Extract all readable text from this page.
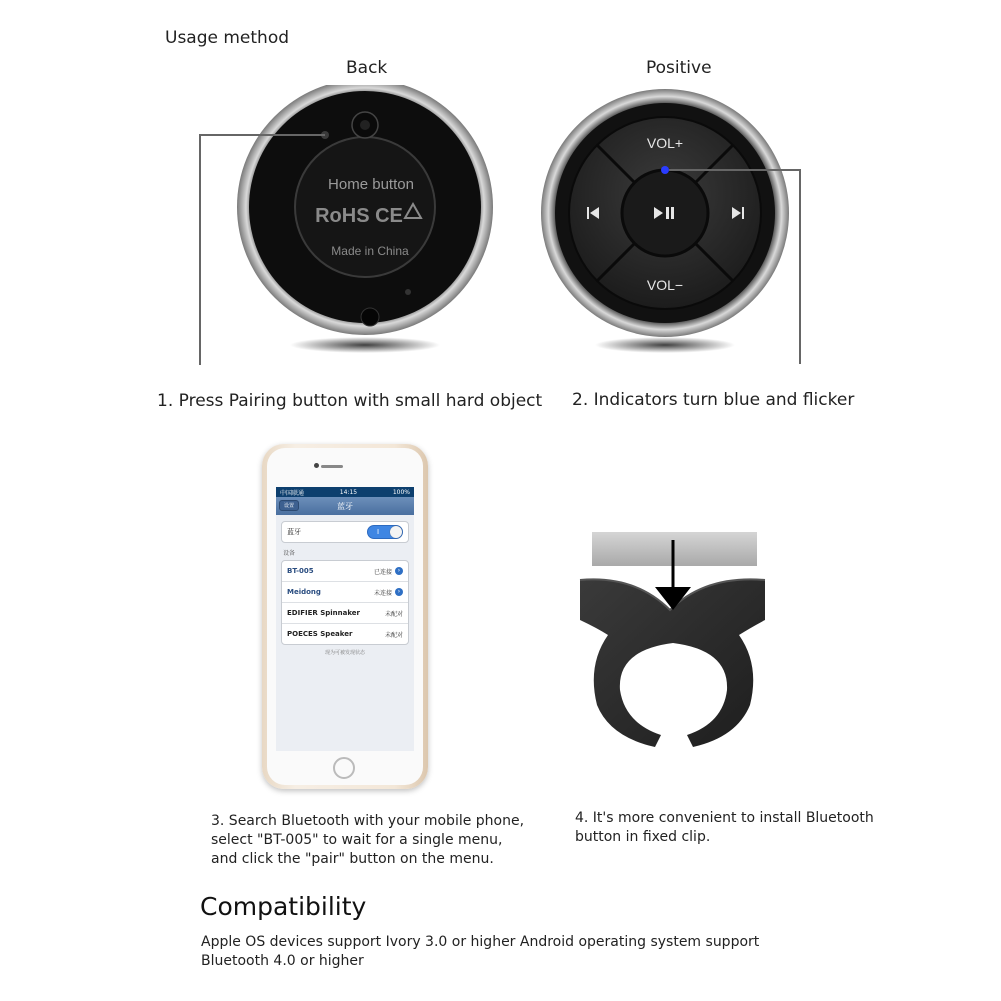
Usage method
Back	Positive
Home button
RoHS CE
Made in China
VOL+
VOL−
1. Press Pairing button with small hard object 2. Indicators turn blue and flicker
中国联通	14:15	100%
设置	蓝牙
蓝牙	I
设备
BT-005	已连接 ›
Meidong	未连接 ›
EDIFIER Spinnaker	未配对
POECES Speaker	未配对
现为可被发现状态
3. Search Bluetooth with your mobile phone,
select "BT-005" to wait for a single menu,
and click the "pair" button on the menu.
4. It's more convenient to install Bluetooth
button in fixed clip.
Compatibility
Apple OS devices support Ivory 3.0 or higher Android operating system support
Bluetooth 4.0 or higher
